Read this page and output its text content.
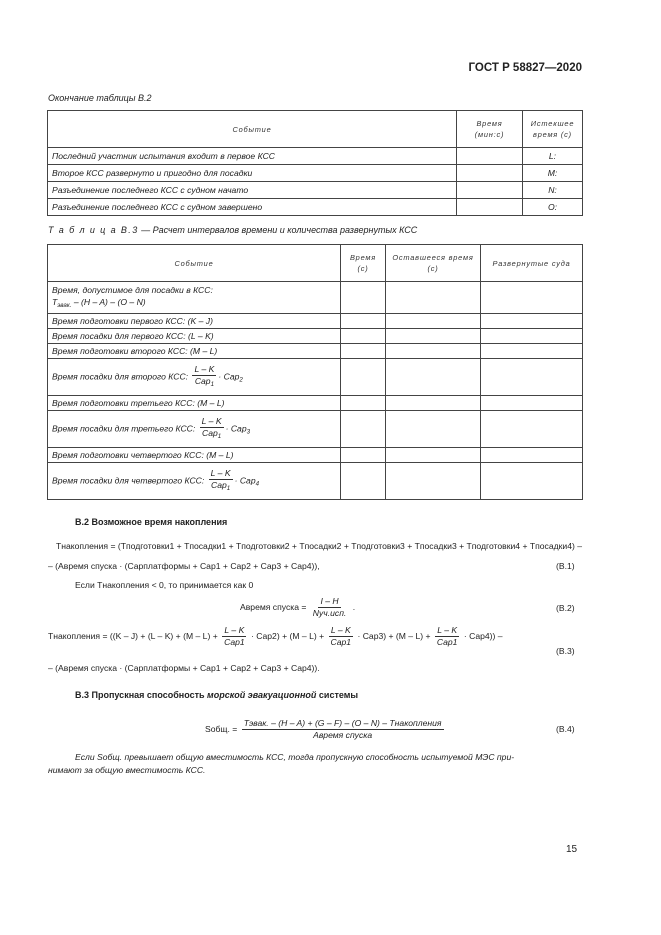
ГОСТ Р 58827—2020
Окончание таблицы В.2
Событие	Время (мин:с)	Истекшее время (с)
Последний участник испытания входит в первое КСС		L:
Второе КСС развернуто и пригодно для посадки		M:
Разъединение последнего КСС с судном начато		N:
Разъединение последнего КСС с судном завершено		O:
Т а б л и ц а В.3 — Расчет интервалов времени и количества развернутых КСС
Событие	Время (с)	Оставшееся время (с)	Развернутые суда

Время, допустимое для посадки в КСС:
$T_{эвак.} - (H - A) - (O - N)$			

Время подготовки первого КСС: (K – J)			
Время посадки для первого КСС: (L – K)			
Время подготовки второго КСС: (M – L)			
Время посадки для второго КСС: $\frac{L - K}{Cap_1} \cdot Cap_2$			
Время подготовки третьего КСС: (M – L)			
Время посадки для третьего КСС: $\frac{L - K}{Cap_1} \cdot Cap_3$			
Время подготовки четвертого КСС: (M – L)			
Время посадки для четвертого КСС: $\frac{L - K}{Cap_1} \cdot Cap_4$			
В.2 Возможное время накопления
Tнакопления = (Tподготовки1 + Tпосадки1 + Tподготовки2 + Tпосадки2 + Tподготовки3 + Tпосадки3 + Tподготовки4 + Tпосадки4) –
– (Aвремя спуска · (Capплатформы + Cap1 + Cap2 + Cap3 + Cap4)),	(В.1)
Если Tнакопления < 0, то принимается как 0
Aвремя спуска = $\frac{I - H}{\text{Nуч.исп.}}$ .	(В.2)
Tнакопления = $((K - J) + (L - K) + (M - L) + \frac{L - K}{\text{Cap1}} \cdot Cap2) + (M - L) + \frac{L - K}{\text{Cap1}} \cdot Cap3) + (M - L) + \frac{L - K}{\text{Cap1}} \cdot Cap4$)) –
(В.3)
– (Aвремя спуска · (Capплатформы + Cap1 + Cap2 + Cap3 + Cap4)).
В.3 Пропускная способность морской эвакуационной системы
Sобщ. = $\frac{\text{Tэвак. – (H – A) + (G – F) – (O – N) – Tнакопления}}{\text{Aвремя спуска}}$	(В.4)
Если Sобщ. превышает общую вместимость КСС, тогда пропускную способность испытуемой МЭС при-
нимают за общую вместимость КСС.
15
